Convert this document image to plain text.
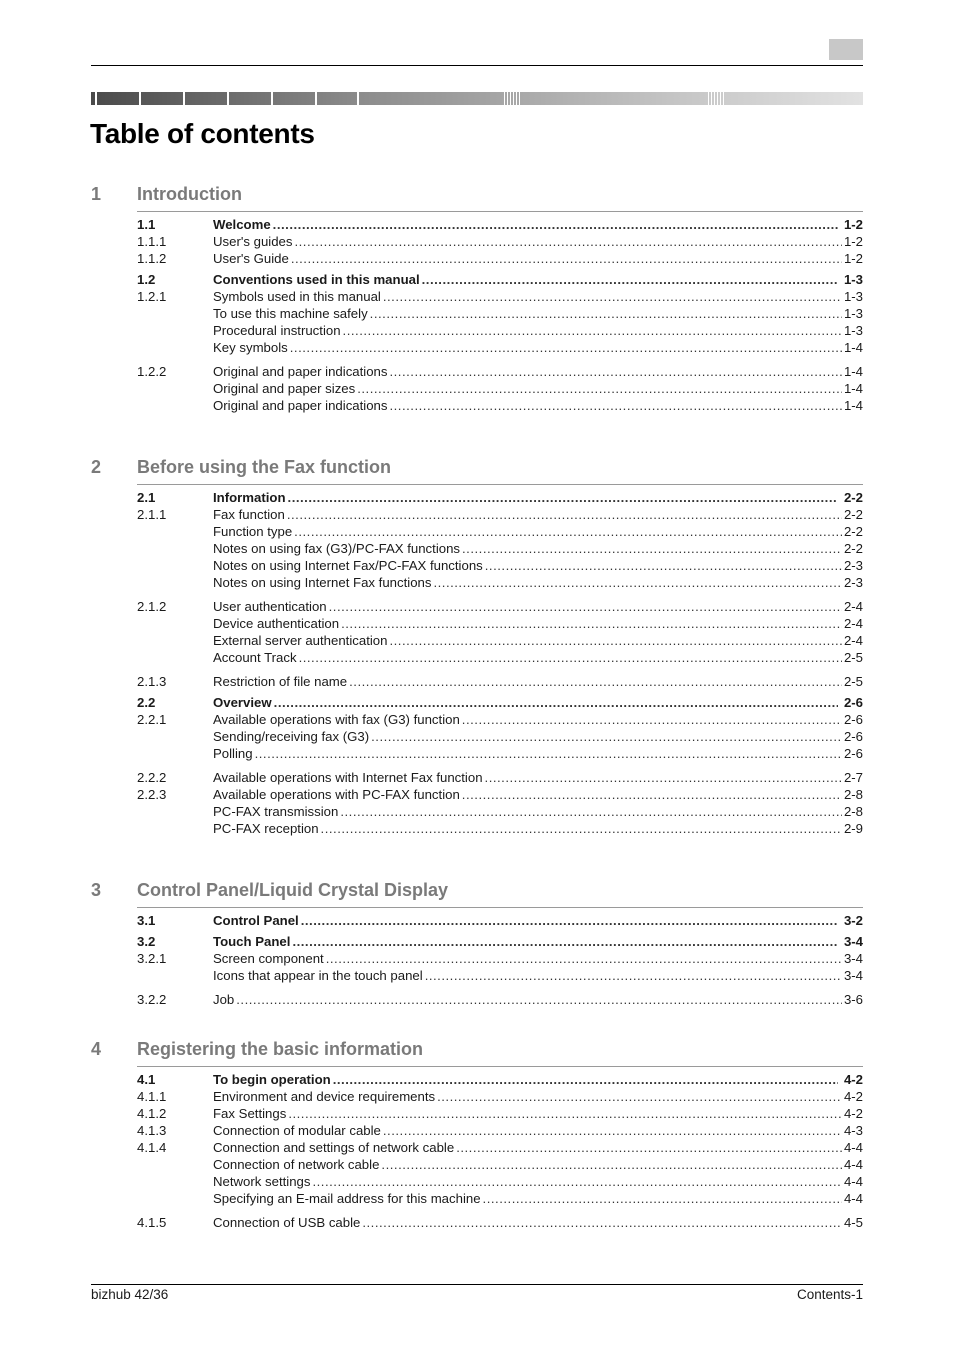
Table of contents
1 Introduction
1.1	Welcome .....	1-2
1.1.1	User's guides .....	1-2
1.1.2	User's Guide .....	1-2
1.2	Conventions used in this manual .....	1-3
1.2.1	Symbols used in this manual .....	1-3
To use this machine safely .....	1-3
Procedural instruction .....	1-3
Key symbols .....	1-4
1.2.2	Original and paper indications .....	1-4
Original and paper sizes .....	1-4
Original and paper indications .....	1-4
2 Before using the Fax function
2.1	Information .....	2-2
2.1.1	Fax function .....	2-2
Function type .....	2-2
Notes on using fax (G3)/PC-FAX functions .....	2-2
Notes on using Internet Fax/PC-FAX functions .....	2-3
Notes on using Internet Fax functions .....	2-3
2.1.2	User authentication .....	2-4
Device authentication .....	2-4
External server authentication .....	2-4
Account Track .....	2-5
2.1.3	Restriction of file name .....	2-5
2.2	Overview .....	2-6
2.2.1	Available operations with fax (G3) function .....	2-6
Sending/receiving fax (G3) .....	2-6
Polling .....	2-6
2.2.2	Available operations with Internet Fax function .....	2-7
2.2.3	Available operations with PC-FAX function .....	2-8
PC-FAX transmission .....	2-8
PC-FAX reception .....	2-9
3 Control Panel/Liquid Crystal Display
3.1	Control Panel .....	3-2
3.2	Touch Panel .....	3-4
3.2.1	Screen component .....	3-4
Icons that appear in the touch panel .....	3-4
3.2.2	Job .....	3-6
4 Registering the basic information
4.1	To begin operation .....	4-2
4.1.1	Environment and device requirements .....	4-2
4.1.2	Fax Settings .....	4-2
4.1.3	Connection of modular cable .....	4-3
4.1.4	Connection and settings of network cable .....	4-4
Connection of network cable .....	4-4
Network settings .....	4-4
Specifying an E-mail address for this machine .....	4-4
4.1.5	Connection of USB cable .....	4-5
bizhub 42/36	Contents-1
